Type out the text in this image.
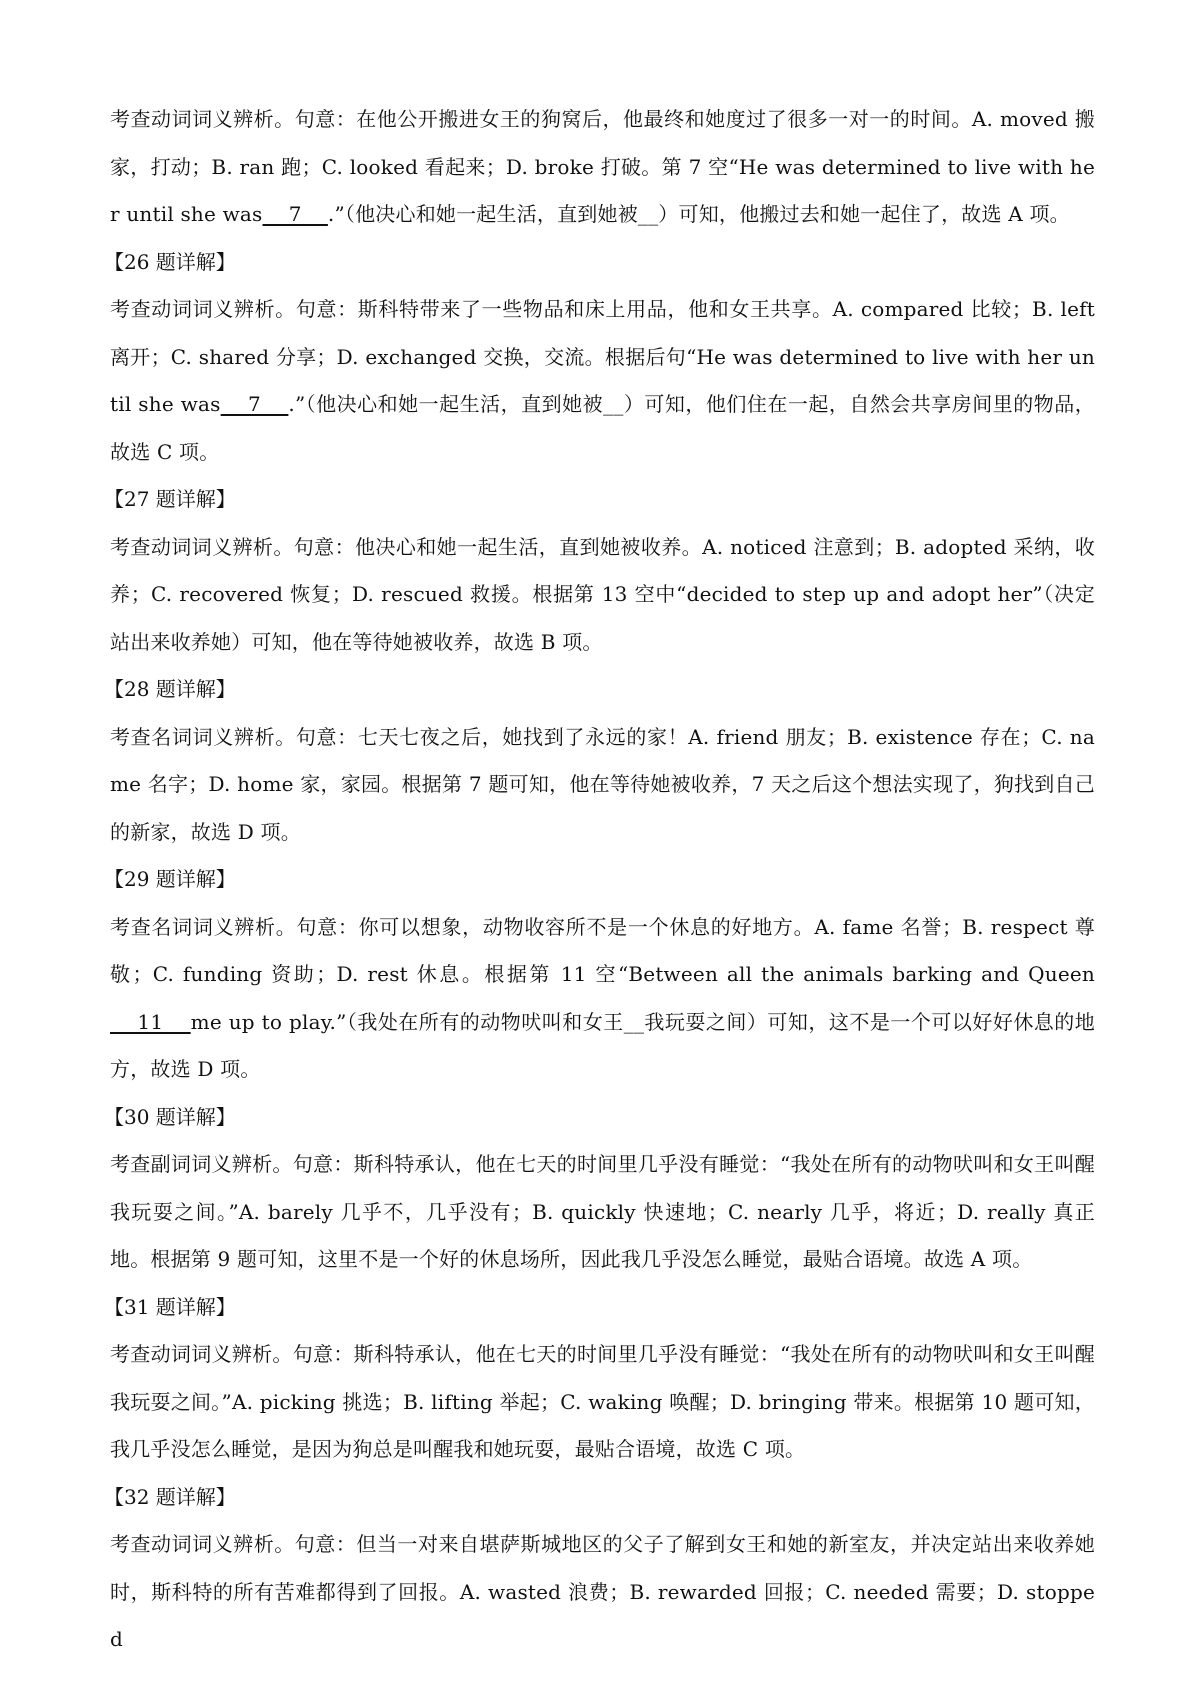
考查动词词义辨析。句意：在他公开搬进女王的狗窝后，他最终和她度过了很多一对一的时间。A. moved 搬家，打动；B. ran 跑；C. looked 看起来；D. broke 打破。第 7 空“He was determined to live with her until she was    7    .”（他决心和她一起生活，直到她被__）可知，他搬过去和她一起住了，故选 A 项。

【26 题详解】

考查动词词义辨析。句意：斯科特带来了一些物品和床上用品，他和女王共享。A. compared 比较；B. left 离开；C. shared 分享；D. exchanged 交换，交流。根据后句“He was determined to live with her until she was    7    .”（他决心和她一起生活，直到她被__）可知，他们住在一起，自然会共享房间里的物品，故选 C 项。

【27 题详解】

考查动词词义辨析。句意：他决心和她一起生活，直到她被收养。A. noticed 注意到；B. adopted 采纳，收养；C. recovered 恢复；D. rescued 救援。根据第 13 空中“decided to step up and adopt her”（决定站出来收养她）可知，他在等待她被收养，故选 B 项。

【28 题详解】

考查名词词义辨析。句意：七天七夜之后，她找到了永远的家！A. friend 朋友；B. existence 存在；C. name 名字；D. home 家，家园。根据第 7 题可知，他在等待她被收养，7 天之后这个想法实现了，狗找到自己的新家，故选 D 项。

【29 题详解】

考查名词词义辨析。句意：你可以想象，动物收容所不是一个休息的好地方。A. fame 名誉；B. respect 尊敬；C. funding 资助；D. rest 休息。根据第 11 空“Between all the animals barking and Queen    11    me up to play.”（我处在所有的动物吠叫和女王__我玩耍之间）可知，这不是一个可以好好休息的地方，故选 D 项。

【30 题详解】

考查副词词义辨析。句意：斯科特承认，他在七天的时间里几乎没有睡觉：“我处在所有的动物吠叫和女王叫醒我玩耍之间。”A. barely 几乎不，几乎没有；B. quickly 快速地；C. nearly 几乎，将近；D. really 真正地。根据第 9 题可知，这里不是一个好的休息场所，因此我几乎没怎么睡觉，最贴合语境。故选 A 项。

【31 题详解】

考查动词词义辨析。句意：斯科特承认，他在七天的时间里几乎没有睡觉：“我处在所有的动物吠叫和女王叫醒我玩耍之间。”A. picking 挑选；B. lifting 举起；C. waking 唤醒；D. bringing 带来。根据第 10 题可知，我几乎没怎么睡觉，是因为狗总是叫醒我和她玩耍，最贴合语境，故选 C 项。

【32 题详解】

考查动词词义辨析。句意：但当一对来自堪萨斯城地区的父子了解到女王和她的新室友，并决定站出来收养她时，斯科特的所有苦难都得到了回报。A. wasted 浪费；B. rewarded 回报；C. needed 需要；D. stopped
